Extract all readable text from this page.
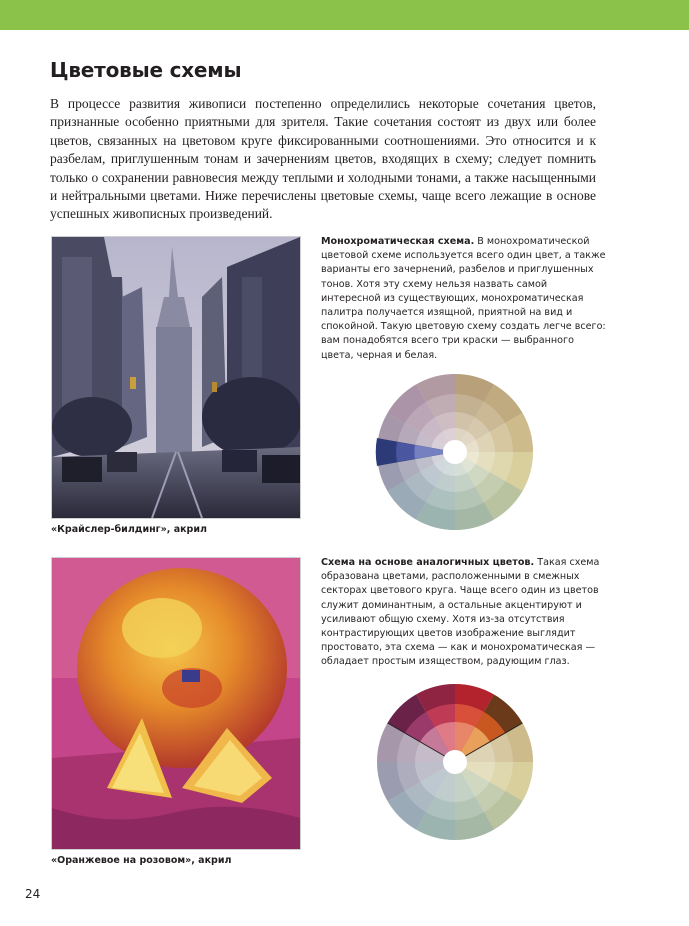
Цветовые схемы

В процессе развития живописи постепенно определились некоторые сочетания цветов, признанные особенно приятными для зрителя. Такие сочетания состоят из двух или более цветов, связанных на цветовом круге фиксированными соотношениями. Это относится и к разбелам, приглушенным тонам и зачернениям цветов, входящих в схему; следует помнить только о сохранении равновесия между теплыми и холодными тонами, а также насыщенными и нейтральными цветами. Ниже перечислены цветовые схемы, чаще всего лежащие в основе успешных живописных произведений.

«Крайслер-билдинг», акрил

Монохроматическая схема. В монохроматической цветовой схеме используется всего один цвет, а также варианты его зачернений, разбелов и приглушенных тонов. Хотя эту схему нельзя назвать самой интересной из существующих, монохроматическая палитра получается изящной, приятной на вид и спокойной. Такую цветовую схему создать легче всего: вам понадобятся всего три краски — выбранного цвета, черная и белая.

«Оранжевое на розовом», акрил

Схема на основе аналогичных цветов. Такая схема образована цветами, расположенными в смежных секторах цветового круга. Чаще всего один из цветов служит доминантным, а остальные акцентируют и усиливают общую схему. Хотя из-за отсутствия контрастирующих цветов изображение выглядит простовато, эта схема — как и монохроматическая — обладает простым изяществом, радующим глаз.

24
